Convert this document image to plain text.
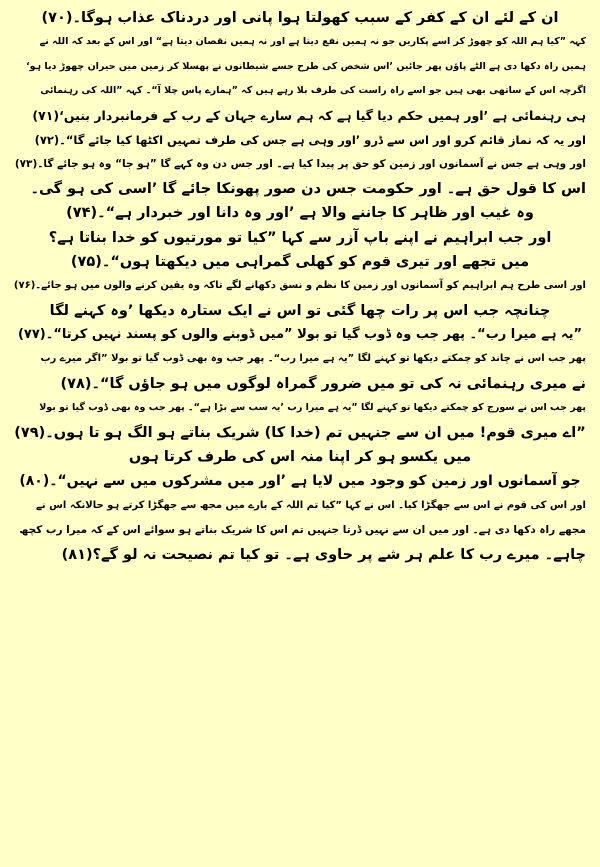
ان کے لئے ان کے کفر کے سبب کھولتا ہوا پانی اور دردناک عذاب ہوگا۔(۷۰)
کہہ ”کیا ہم اللہ کو چھوڑ کر اسے پکاریں جو نہ ہمیں نفع دیتا ہے اور نہ ہمیں نقصان دیتا ہے“ اور اس کے بعد کہ اللہ نے
ہمیں راہ دکھا دی ہے الٹے پاؤں پھر جائیں ’اس شخص کی طرح جسے شیطانوں نے پھسلا کر زمین میں حیران چھوڑ دیا ہو‘
اگرچہ اس کے ساتھی بھی ہیں جو اسے راہ راست کی طرف بلا رہے ہیں کہ ”ہمارے پاس چلا آ“۔ کہہ ”اللہ کی رہنمائی
ہی رہنمائی ہے ’اور ہمیں حکم دیا گیا ہے کہ ہم سارے جہان کے رب کے فرمانبردار بنیں‘(۷۱)
اور یہ کہ نماز قائم کرو اور اس سے ڈرو ’اور وہی ہے جس کی طرف تمہیں اکٹھا کیا جائے گا“۔(۷۲)
اور وہی ہے جس نے آسمانوں اور زمین کو حق پر پیدا کیا ہے۔ اور جس دن وہ کہے گا ”ہو جا“ وہ ہو جائے گا۔(۷۳)
اس کا قول حق ہے۔ اور حکومت جس دن صور پھونکا جائے گا ’اسی کی ہو گی۔
وہ غیب اور ظاہر کا جاننے والا ہے ’اور وہ دانا اور خبردار ہے“۔(۷۴)
اور جب ابراہیم نے اپنے باپ آزر سے کہا ”کیا تو مورتیوں کو خدا بناتا ہے؟
میں تجھے اور تیری قوم کو کھلی گمراہی میں دیکھتا ہوں“۔(۷۵)
اور اسی طرح ہم ابراہیم کو آسمانوں اور زمین کا نظم و نسق دکھانے لگے تاکہ وہ یقین کرنے والوں میں ہو جائے۔(۷۶)
چنانچہ جب اس پر رات چھا گئی تو اس نے ایک ستارہ دیکھا ’وہ کہنے لگا
”یہ ہے میرا رب“۔ پھر جب وہ ڈوب گیا تو بولا ”میں ڈوبنے والوں کو پسند نہیں کرتا“۔(۷۷)
پھر جب اس نے چاند کو چمکتے دیکھا تو کہنے لگا ”یہ ہے میرا رب“۔ پھر جب وہ بھی ڈوب گیا تو بولا ”اگر میرے رب
نے میری رہنمائی نہ کی تو میں ضرور گمراہ لوگوں میں ہو جاؤں گا“۔(۷۸)
پھر جب اس نے سورج کو چمکتے دیکھا تو کہنے لگا ”یہ ہے میرا رب ’یہ سب سے بڑا ہے“۔ پھر جب وہ بھی ڈوب گیا تو بولا
”اے میری قوم! میں ان سے جنہیں تم (خدا کا) شریک بناتے ہو الگ ہو تا ہوں۔(۷۹)
میں یکسو ہو کر اپنا منہ اس کی طرف کرتا ہوں
جو آسمانوں اور زمین کو وجود میں لایا ہے ’اور میں مشرکوں میں سے نہیں“۔(۸۰)
اور اس کی قوم نے اس سے جھگڑا کیا۔ اس نے کہا ”کیا تم اللہ کے بارے میں مجھ سے جھگڑا کرتے ہو حالانکہ اس نے
مجھے راہ دکھا دی ہے۔ اور میں ان سے نہیں ڈرتا جنہیں تم اس کا شریک بناتے ہو سوائے اس کے کہ میرا رب کچھ
چاہے۔ میرے رب کا علم ہر شے پر حاوی ہے۔ تو کیا تم نصیحت نہ لو گے؟(۸۱)
